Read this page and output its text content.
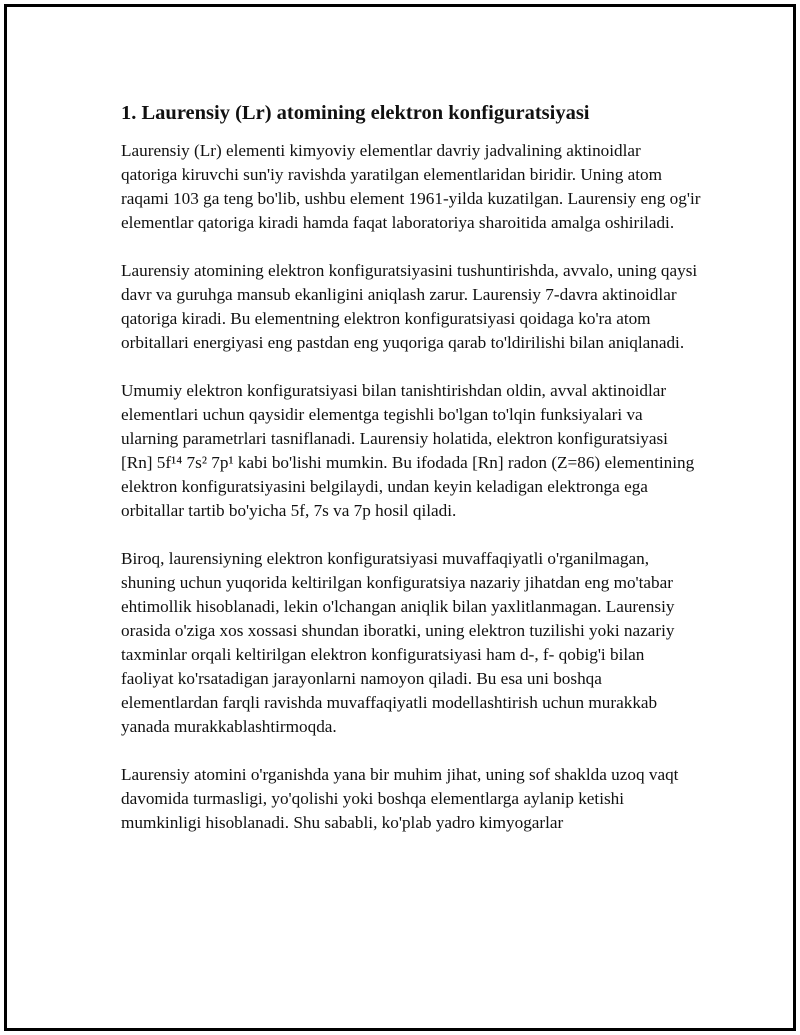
1. Laurensiy (Lr) atomining elektron konfiguratsiyasi

Laurensiy (Lr) elementi kimyoviy elementlar davriy jadvalining aktinoidlar qatoriga kiruvchi sun'iy ravishda yaratilgan elementlaridan biridir. Uning atom raqami 103 ga teng bo'lib, ushbu element 1961-yilda kuzatilgan. Laurensiy eng og'ir elementlar qatoriga kiradi hamda faqat laboratoriya sharoitida amalga oshiriladi.

Laurensiy atomining elektron konfiguratsiyasini tushuntirishda, avvalo, uning qaysi davr va guruhga mansub ekanligini aniqlash zarur. Laurensiy 7-davra aktinoidlar qatoriga kiradi. Bu elementning elektron konfiguratsiyasi qoidaga ko'ra atom orbitallari energiyasi eng pastdan eng yuqoriga qarab to'ldirilishi bilan aniqlanadi.

Umumiy elektron konfiguratsiyasi bilan tanishtirishdan oldin, avval aktinoidlar elementlari uchun qaysidir elementga tegishli bo'lgan to'lqin funksiyalari va ularning parametrlari tasniflanadi. Laurensiy holatida, elektron konfiguratsiyasi [Rn] 5f¹⁴ 7s² 7p¹ kabi bo'lishi mumkin. Bu ifodada [Rn] radon (Z=86) elementining elektron konfiguratsiyasini belgilaydi, undan keyin keladigan elektronga ega orbitallar tartib bo'yicha 5f, 7s va 7p hosil qiladi.

Biroq, laurensiyning elektron konfiguratsiyasi muvaffaqiyatli o'rganilmagan, shuning uchun yuqorida keltirilgan konfiguratsiya nazariy jihatdan eng mo'tabar ehtimollik hisoblanadi, lekin o'lchangan aniqlik bilan yaxlitlanmagan. Laurensiy orasida o'ziga xos xossasi shundan iboratki, uning elektron tuzilishi yoki nazariy taxminlar orqali keltirilgan elektron konfiguratsiyasi ham d-, f- qobig'i bilan faoliyat ko'rsatadigan jarayonlarni namoyon qiladi. Bu esa uni boshqa elementlardan farqli ravishda muvaffaqiyatli modellashtirish uchun murakkab yanada murakkablashtirmoqda.

Laurensiy atomini o'rganishda yana bir muhim jihat, uning sof shaklda uzoq vaqt davomida turmasligi, yo'qolishi yoki boshqa elementlarga aylanip ketishi mumkinligi hisoblanadi. Shu sababli, ko'plab yadro kimyogarlar
